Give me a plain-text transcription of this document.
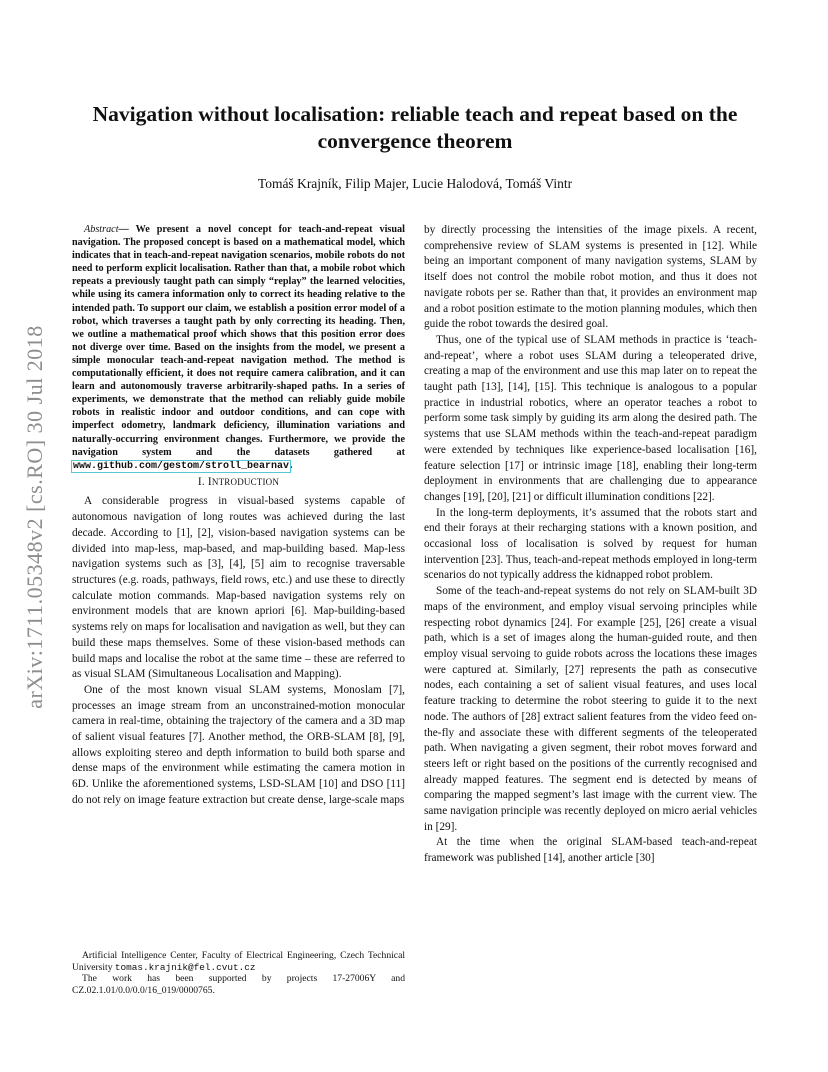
arXiv:1711.05348v2 [cs.RO] 30 Jul 2018
Navigation without localisation: reliable teach and repeat based on the
convergence theorem

Tomáš Krajník, Filip Majer, Lucie Halodová, Tomáš Vintr

Abstract— We present a novel concept for teach-and-repeat visual navigation. The proposed concept is based on a mathematical model, which indicates that in teach-and-repeat navigation scenarios, mobile robots do not need to perform explicit localisation. Rather than that, a mobile robot which repeats a previously taught path can simply “replay” the learned velocities, while using its camera information only to correct its heading relative to the intended path. To support our claim, we establish a position error model of a robot, which traverses a taught path by only correcting its heading. Then, we outline a mathematical proof which shows that this position error does not diverge over time. Based on the insights from the model, we present a simple monocular teach-and-repeat navigation method. The method is computationally efficient, it does not require camera calibration, and it can learn and autonomously traverse arbitrarily-shaped paths. In a series of experiments, we demonstrate that the method can reliably guide mobile robots in realistic indoor and outdoor conditions, and can cope with imperfect odometry, landmark deficiency, illumination variations and naturally-occurring environment changes. Furthermore, we provide the navigation system and the datasets gathered at www.github.com/gestom/stroll_bearnav.

I. INTRODUCTION

A considerable progress in visual-based systems capable of autonomous navigation of long routes was achieved during the last decade. According to [1], [2], vision-based navigation systems can be divided into map-less, map-based, and map-building based. Map-less navigation systems such as [3], [4], [5] aim to recognise traversable structures (e.g. roads, pathways, field rows, etc.) and use these to directly calculate motion commands. Map-based navigation systems rely on environment models that are known apriori [6]. Map-building-based systems rely on maps for localisation and navigation as well, but they can build these maps themselves. Some of these vision-based methods can build maps and localise the robot at the same time – these are referred to as visual SLAM (Simultaneous Localisation and Mapping).

One of the most known visual SLAM systems, Monoslam [7], processes an image stream from an unconstrained-motion monocular camera in real-time, obtaining the trajectory of the camera and a 3D map of salient visual features [7]. Another method, the ORB-SLAM [8], [9], allows exploiting stereo and depth information to build both sparse and dense maps of the environment while estimating the camera motion in 6D. Unlike the aforementioned systems, LSD-SLAM [10] and DSO [11] do not rely on image feature extraction but create dense, large-scale maps

Artificial Intelligence Center, Faculty of Electrical Engineering, Czech Technical University tomas.krajnik@fel.cvut.cz

The work has been supported by projects 17-27006Y and CZ.02.1.01/0.0/0.0/16_019/0000765.

by directly processing the intensities of the image pixels. A recent, comprehensive review of SLAM systems is presented in [12]. While being an important component of many navigation systems, SLAM by itself does not control the mobile robot motion, and thus it does not navigate robots per se. Rather than that, it provides an environment map and a robot position estimate to the motion planning modules, which then guide the robot towards the desired goal.

Thus, one of the typical use of SLAM methods in practice is ‘teach-and-repeat’, where a robot uses SLAM during a teleoperated drive, creating a map of the environment and use this map later on to repeat the taught path [13], [14], [15]. This technique is analogous to a popular practice in industrial robotics, where an operator teaches a robot to perform some task simply by guiding its arm along the desired path. The systems that use SLAM methods within the teach-and-repeat paradigm were extended by techniques like experience-based localisation [16], feature selection [17] or intrinsic image [18], enabling their long-term deployment in environments that are challenging due to appearance changes [19], [20], [21] or difficult illumination conditions [22].

In the long-term deployments, it’s assumed that the robots start and end their forays at their recharging stations with a known position, and occasional loss of localisation is solved by request for human intervention [23]. Thus, teach-and-repeat methods employed in long-term scenarios do not typically address the kidnapped robot problem.

Some of the teach-and-repeat systems do not rely on SLAM-built 3D maps of the environment, and employ visual servoing principles while respecting robot dynamics [24]. For example [25], [26] create a visual path, which is a set of images along the human-guided route, and then employ visual servoing to guide robots across the locations these images were captured at. Similarly, [27] represents the path as consecutive nodes, each containing a set of salient visual features, and uses local feature tracking to determine the robot steering to guide it to the next node. The authors of [28] extract salient features from the video feed on-the-fly and associate these with different segments of the teleoperated path. When navigating a given segment, their robot moves forward and steers left or right based on the positions of the currently recognised and already mapped features. The segment end is detected by means of comparing the mapped segment’s last image with the current view. The same navigation principle was recently deployed on micro aerial vehicles in [29].

At the time when the original SLAM-based teach-and-repeat framework was published [14], another article [30]
